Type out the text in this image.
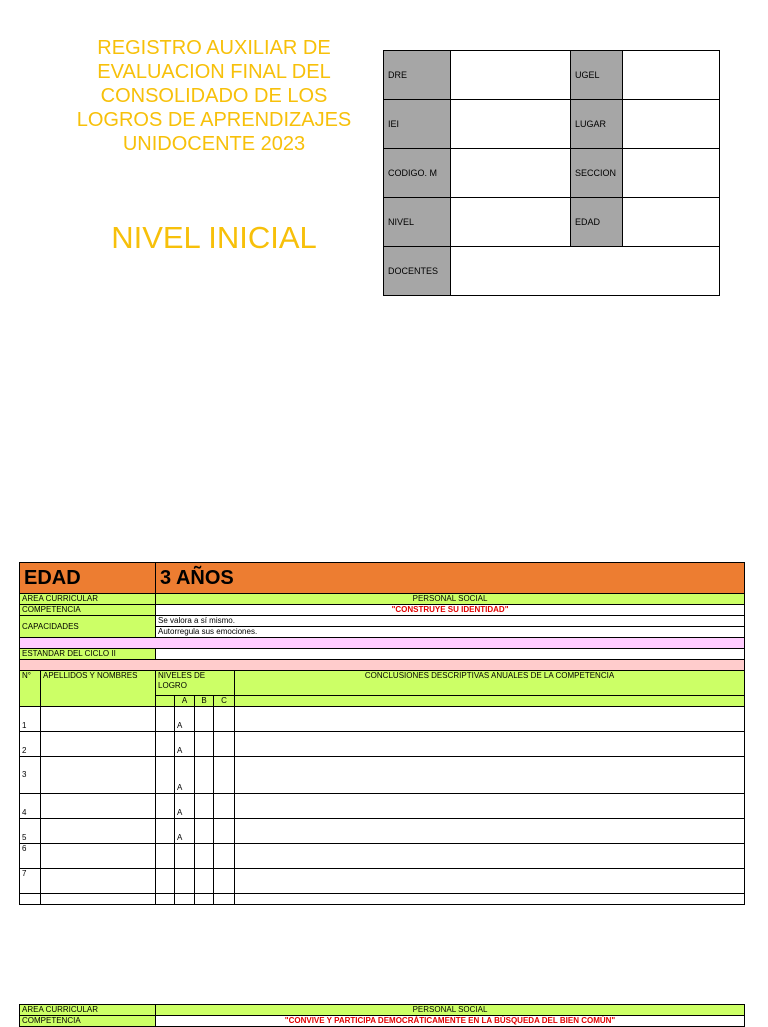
REGISTRO AUXILIAR DE
EVALUACION FINAL DEL
CONSOLIDADO DE LOS
LOGROS DE APRENDIZAJES
UNIDOCENTE 2023
NIVEL INICIAL
DRE		UGEL	
IEI		LUGAR	
CODIGO. M		SECCION	
NIVEL		EDAD	
DOCENTES			
EDAD		3 AÑOS				
AREA CURRICULAR		PERSONAL SOCIAL				
COMPETENCIA		"CONSTRUYE SU IDENTIDAD"				
CAPACIDADES		Se valora a sí mismo.				
		Autorregula sus emociones.				

ESTANDAR DEL CICLO II						

N°	APELLIDOS Y NOMBRES	NIVELES DE LOGRO				CONCLUSIONES DESCRIPTIVAS ANUALES DE LA COMPETENCIA
			A	B	C	
1			A			
2			A			
3			A			
4			A			
5			A			
6						
7						

AREA CURRICULAR	PERSONAL SOCIAL
COMPETENCIA	"CONVIVE Y PARTICIPA DEMOCRÁTICAMENTE EN LA BÚSQUEDA DEL BIEN COMÚN"
